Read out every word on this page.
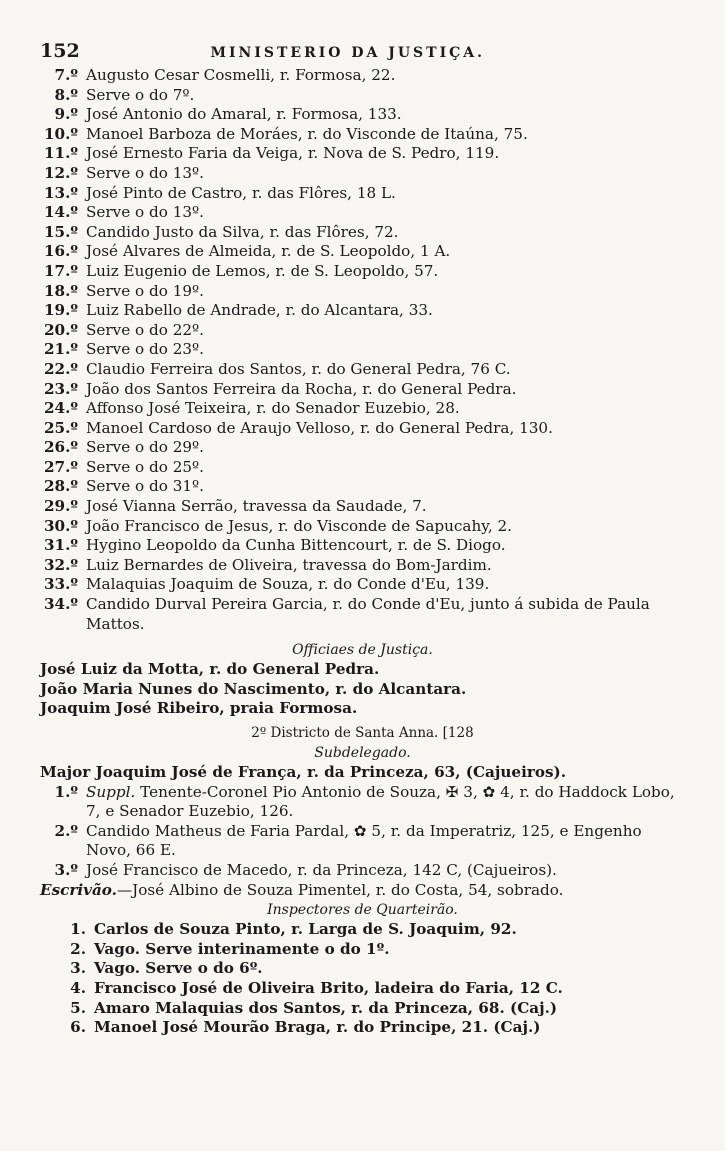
152	MINISTERIO DA JUSTIÇA.
7.º Augusto Cesar Cosmelli, r. Formosa, 22.
8.º Serve o do 7º.
9.º José Antonio do Amaral, r. Formosa, 133.
10.º Manoel Barboza de Moráes, r. do Visconde de Itaúna, 75.
11.º José Ernesto Faria da Veiga, r. Nova de S. Pedro, 119.
12.º Serve o do 13º.
13.º José Pinto de Castro, r. das Flôres, 18 L.
14.º Serve o do 13º.
15.º Candido Justo da Silva, r. das Flôres, 72.
16.º José Alvares de Almeida, r. de S. Leopoldo, 1 A.
17.º Luiz Eugenio de Lemos, r. de S. Leopoldo, 57.
18.º Serve o do 19º.
19.º Luiz Rabello de Andrade, r. do Alcantara, 33.
20.º Serve o do 22º.
21.º Serve o do 23º.
22.º Claudio Ferreira dos Santos, r. do General Pedra, 76 C.
23.º João dos Santos Ferreira da Rocha, r. do General Pedra.
24.º Affonso José Teixeira, r. do Senador Euzebio, 28.
25.º Manoel Cardoso de Araujo Velloso, r. do General Pedra, 130.
26.º Serve o do 29º.
27.º Serve o do 25º.
28.º Serve o do 31º.
29.º José Vianna Serrão, travessa da Saudade, 7.
30.º João Francisco de Jesus, r. do Visconde de Sapucahy, 2.
31.º Hygino Leopoldo da Cunha Bittencourt, r. de S. Diogo.
32.º Luiz Bernardes de Oliveira, travessa do Bom-Jardim.
33.º Malaquias Joaquim de Souza, r. do Conde d'Eu, 139.
34.º Candido Durval Pereira Garcia, r. do Conde d'Eu, junto á subida de Paula Mattos.
Officiaes de Justiça.
José Luiz da Motta, r. do General Pedra.
João Maria Nunes do Nascimento, r. do Alcantara.
Joaquim José Ribeiro, praia Formosa.
2º Districto de Santa Anna. [128
Subdelegado.
Major Joaquim José de França, r. da Princeza, 63, (Cajueiros).
1.º Suppl. Tenente-Coronel Pio Antonio de Souza, ✠ 3, ✿ 4, r. do Haddock Lobo, 7, e Senador Euzebio, 126.
2.º Candido Matheus de Faria Pardal, ✿ 5, r. da Imperatriz, 125, e Engenho Novo, 66 E.
3.º José Francisco de Macedo, r. da Princeza, 142 C, (Cajueiros).
Escrivão.—José Albino de Souza Pimentel, r. do Costa, 54, sobrado.
Inspectores de Quarteirão.
1. Carlos de Souza Pinto, r. Larga de S. Joaquim, 92.
2. Vago. Serve interinamente o do 1º.
3. Vago. Serve o do 6º.
4. Francisco José de Oliveira Brito, ladeira do Faria, 12 C.
5. Amaro Malaquias dos Santos, r. da Princeza, 68. (Caj.)
6. Manoel José Mourão Braga, r. do Principe, 21. (Caj.)
